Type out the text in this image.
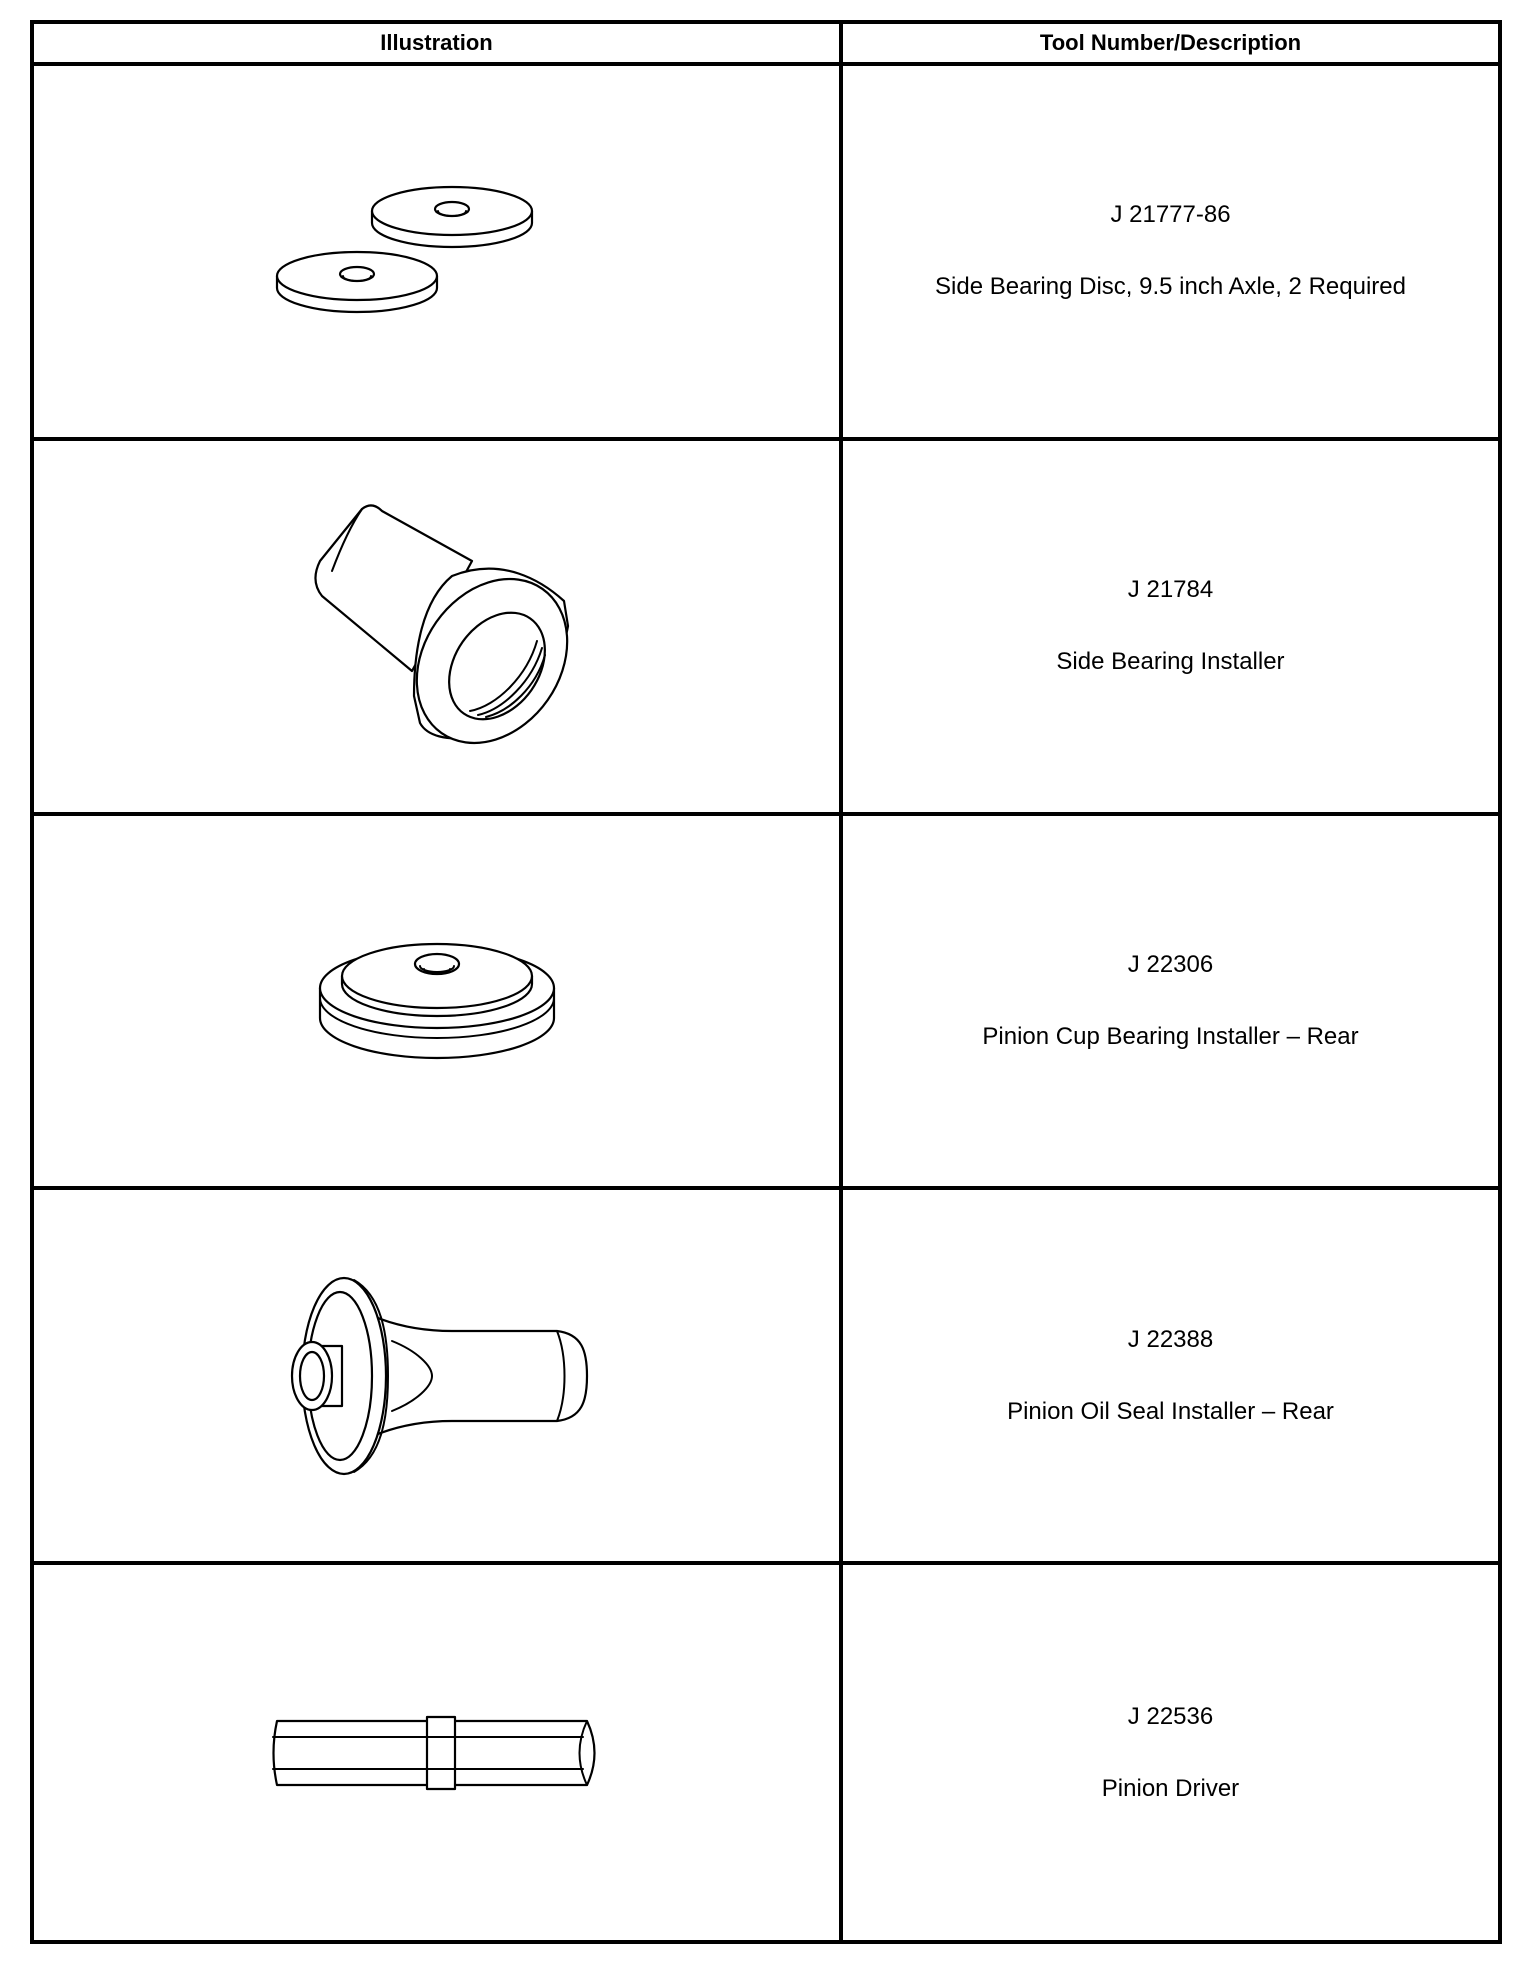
Illustration	Tool Number/Description
J 21777-86
Side Bearing Disc, 9.5 inch Axle, 2 Required
J 21784
Side Bearing Installer
J 22306
Pinion Cup Bearing Installer – Rear
J 22388
Pinion Oil Seal Installer – Rear
J 22536
Pinion Driver
